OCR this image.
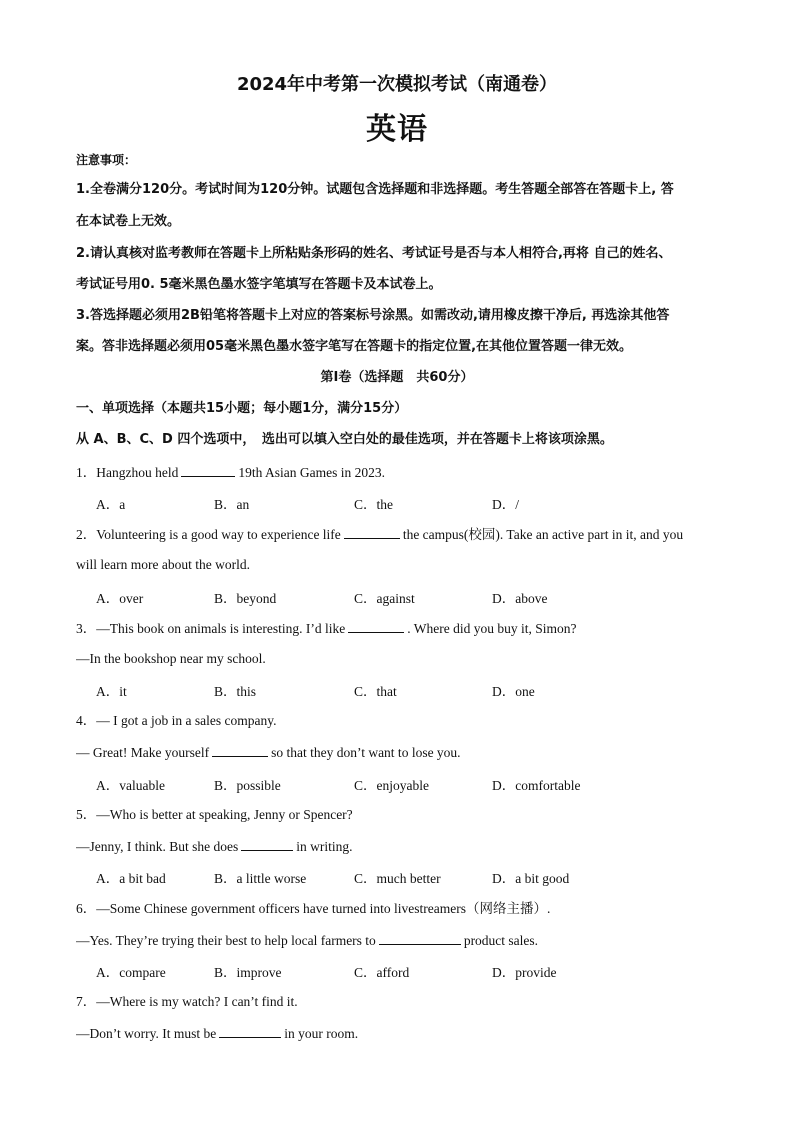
2024年中考第一次模拟考试（南通卷）
英语
注意事项：
1.全卷满分120分。考试时间为120分钟。试题包含选择题和非选择题。考生答题全部答在答题卡上, 答
在本试卷上无效。
2.请认真核对监考教师在答题卡上所粘贴条形码的姓名、考试证号是否与本人相符合,再将 自己的姓名、
考试证号用0. 5毫米黑色墨水签字笔填写在答题卡及本试卷上。
3.答选择题必须用2B铅笔将答题卡上对应的答案标号涂黑。如需改动,请用橡皮擦干净后, 再选涂其他答
案。答非选择题必须用05毫米黑色墨水签字笔写在答题卡的指定位置,在其他位置答题一律无效。
第I卷（选择题　共60分）
一、单项选择（本题共15小题；每小题1分，满分15分）
从 A、B、C、D 四个选项中，　选出可以填入空白处的最佳选项，并在答题卡上将该项涂黑。
1．Hangzhou held	19th Asian Games in 2023.
A．a	B．an	C．the	D．/
2．Volunteering is a good way to experience life	the campus(校园). Take an active part in it, and you
will learn more about the world.
A．over	B．beyond	C．against	D．above
3．—This book on animals is interesting. I’d like	. Where did you buy it, Simon?
—In the bookshop near my school.
A．it	B．this	C．that	D．one
4．— I got a job in a sales company.
— Great! Make yourself	so that they don’t want to lose you.
A．valuable	B．possible	C．enjoyable	D．comfortable
5．—Who is better at speaking, Jenny or Spencer?
—Jenny, I think. But she does	in writing.
A．a bit bad	B．a little worse	C．much better	D．a bit good
6．—Some Chinese government officers have turned into livestreamers（网络主播）.
—Yes. They’re trying their best to help local farmers to	product sales.
A．compare	B．improve	C．afford	D．provide
7．—Where is my watch? I can’t find it.
—Don’t worry. It must be	in your room.
